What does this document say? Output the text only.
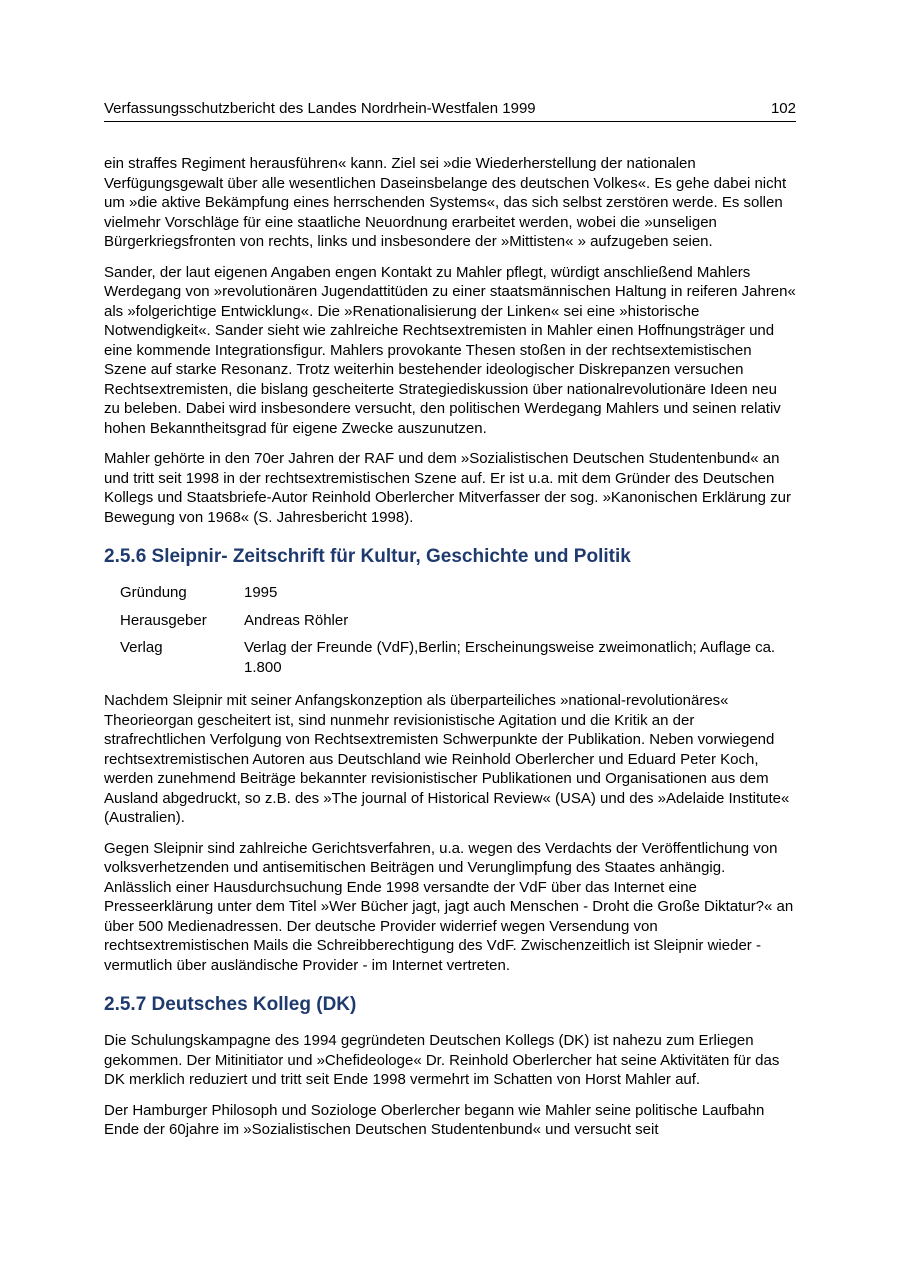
Verfassungsschutzbericht des Landes Nordrhein-Westfalen 1999	102

ein straffes Regiment herausführen« kann. Ziel sei »die Wiederherstellung der nationalen Verfügungsgewalt über alle wesentlichen Daseinsbelange des deutschen Volkes«. Es gehe dabei nicht um »die aktive Bekämpfung eines herrschenden Systems«, das sich selbst zerstören werde. Es sollen vielmehr Vorschläge für eine staatliche Neuordnung erarbeitet werden, wobei die »unseligen Bürgerkriegsfronten von rechts, links und insbesondere der »Mittisten« » aufzugeben seien.

Sander, der laut eigenen Angaben engen Kontakt zu Mahler pflegt, würdigt anschließend Mahlers Werdegang von »revolutionären Jugendattitüden zu einer staatsmännischen Haltung in reiferen Jahren« als »folgerichtige Entwicklung«. Die »Renationalisierung der Linken« sei eine »historische Notwendigkeit«. Sander sieht wie zahlreiche Rechtsextremisten in Mahler einen Hoffnungsträger und eine kommende Integrationsfigur. Mahlers provokante Thesen stoßen in der rechtsextemistischen Szene auf starke Resonanz. Trotz weiterhin bestehender ideologischer Diskrepanzen versuchen Rechtsextremisten, die bislang gescheiterte Strategiediskussion über nationalrevolutionäre Ideen neu zu beleben. Dabei wird insbesondere versucht, den politischen Werdegang Mahlers und seinen relativ hohen Bekanntheitsgrad für eigene Zwecke auszunutzen.

Mahler gehörte in den 70er Jahren der RAF und dem »Sozialistischen Deutschen Studentenbund« an und tritt seit 1998 in der rechtsextremistischen Szene auf. Er ist u.a. mit dem Gründer des Deutschen Kollegs und Staatsbriefe-Autor Reinhold Oberlercher Mitverfasser der sog. »Kanonischen Erklärung zur Bewegung von 1968« (S. Jahresbericht 1998).

2.5.6 Sleipnir- Zeitschrift für Kultur, Geschichte und Politik
Gründung	1995
Herausgeber	Andreas Röhler
Verlag	Verlag der Freunde (VdF),Berlin; Erscheinungsweise zweimonatlich; Auflage ca. 1.800

Nachdem Sleipnir mit seiner Anfangskonzeption als überparteiliches »national-revolutionäres« Theorieorgan gescheitert ist, sind nunmehr revisionistische Agitation und die Kritik an der strafrechtlichen Verfolgung von Rechtsextremisten Schwerpunkte der Publikation. Neben vorwiegend rechtsextremistischen Autoren aus Deutschland wie Reinhold Oberlercher und Eduard Peter Koch, werden zunehmend Beiträge bekannter revisionistischer Publikationen und Organisationen aus dem Ausland abgedruckt, so z.B. des »The journal of Historical Review« (USA) und des »Adelaide Institute« (Australien).

Gegen Sleipnir sind zahlreiche Gerichtsverfahren, u.a. wegen des Verdachts der Veröffentlichung von volksverhetzenden und antisemitischen Beiträgen und Verunglimpfung des Staates anhängig. Anlässlich einer Hausdurchsuchung Ende 1998 versandte der VdF über das Internet eine Presseerklärung unter dem Titel »Wer Bücher jagt, jagt auch Menschen - Droht die Große Diktatur?« an über 500 Medienadressen. Der deutsche Provider widerrief wegen Versendung von rechtsextremistischen Mails die Schreibberechtigung des VdF. Zwischenzeitlich ist Sleipnir wieder - vermutlich über ausländische Provider - im Internet vertreten.

2.5.7 Deutsches Kolleg (DK)

Die Schulungskampagne des 1994 gegründeten Deutschen Kollegs (DK) ist nahezu zum Erliegen gekommen. Der Mitinitiator und »Chefideologe« Dr. Reinhold Oberlercher hat seine Aktivitäten für das DK merklich reduziert und tritt seit Ende 1998 vermehrt im Schatten von Horst Mahler auf.

Der Hamburger Philosoph und Soziologe Oberlercher begann wie Mahler seine politische Laufbahn Ende der 60jahre im »Sozialistischen Deutschen Studentenbund« und versucht seit
